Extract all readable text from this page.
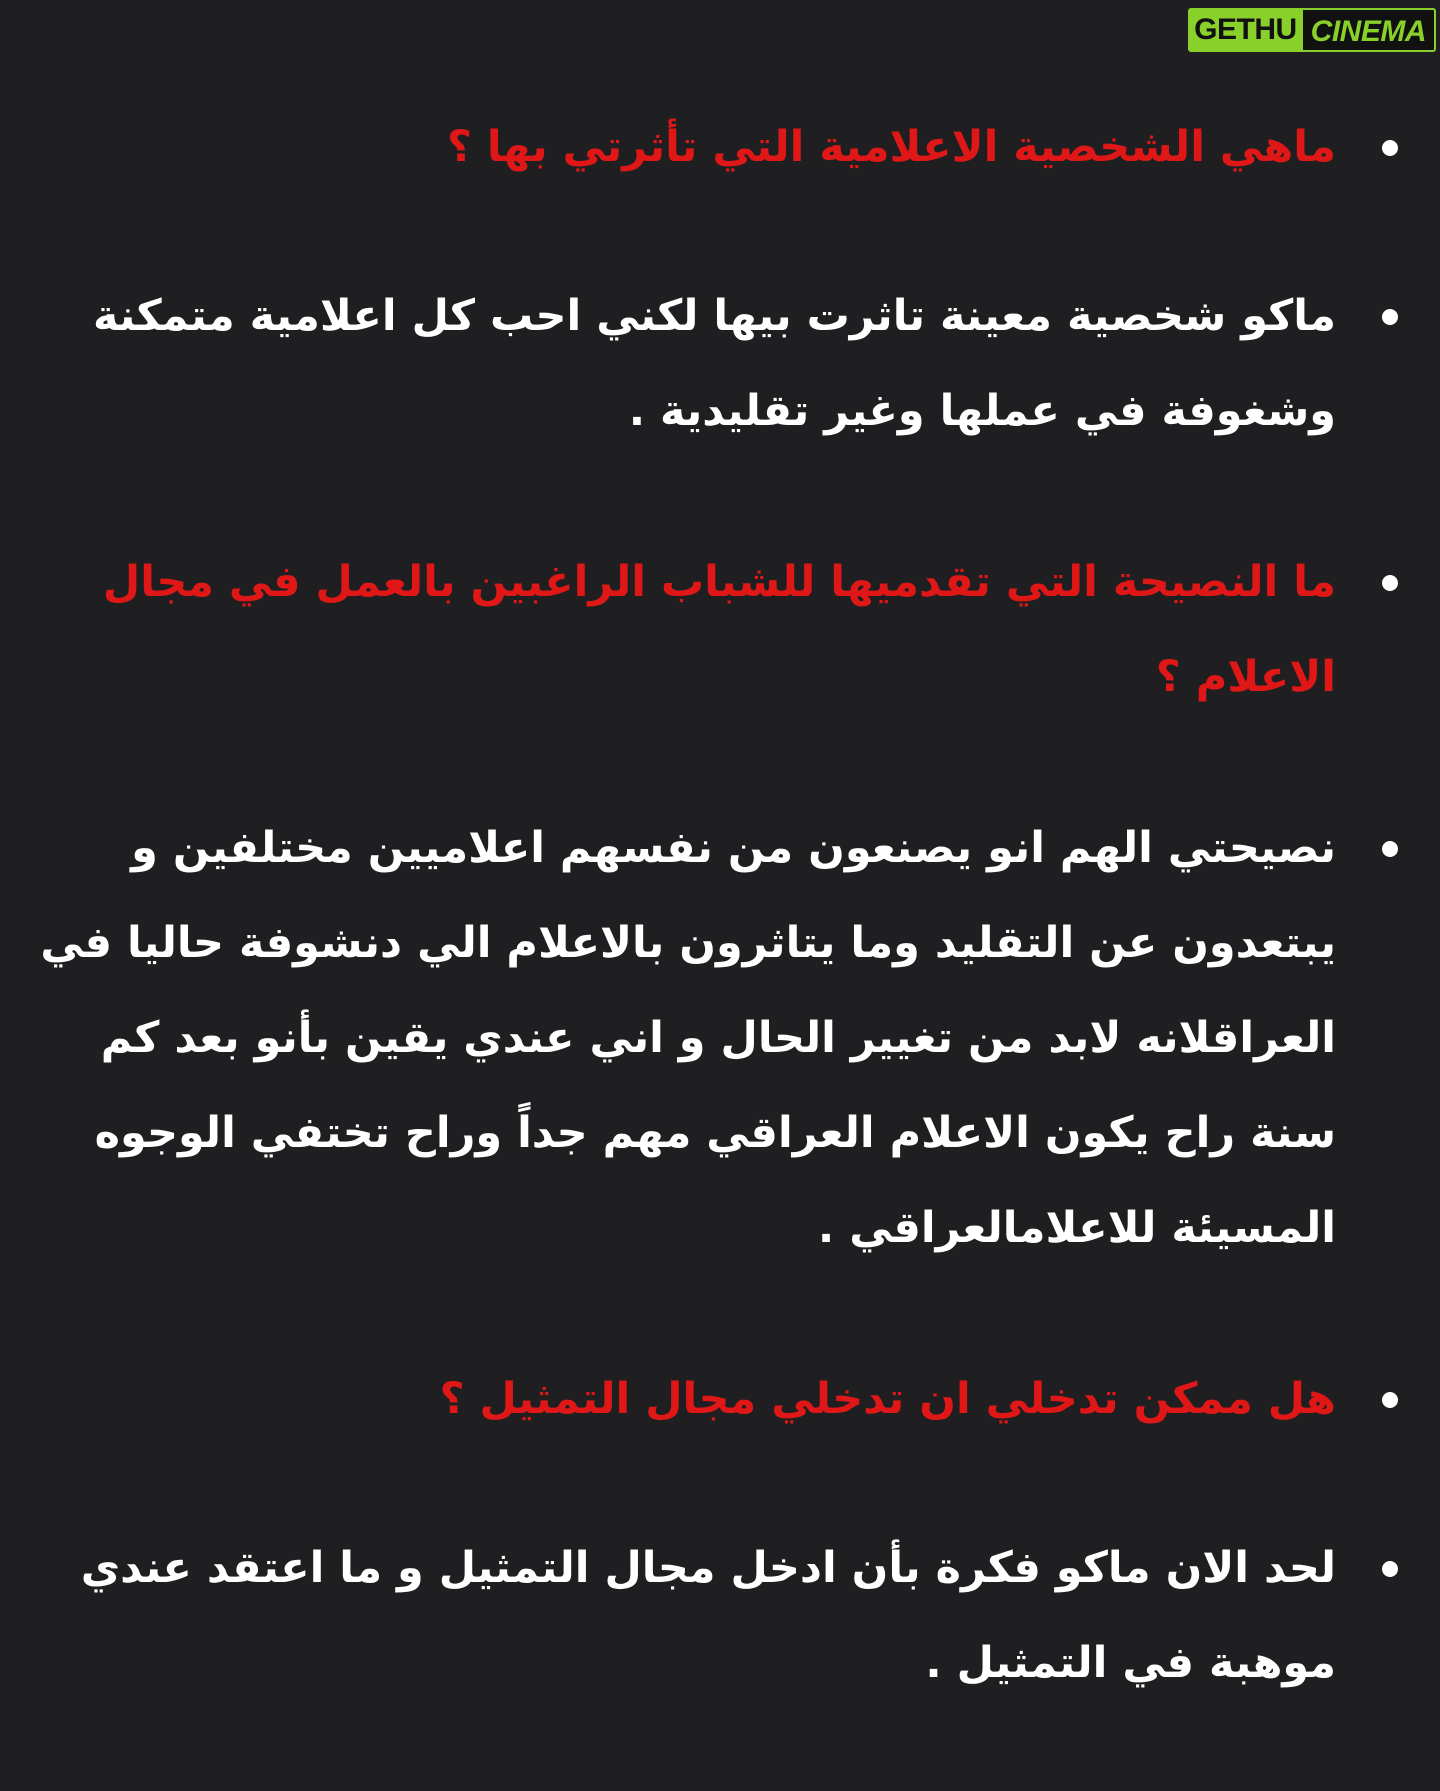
GETHU CINEMA
ماهي الشخصية الاعلامية التي تأثرتي بها ؟
ماكو شخصية معينة تاثرت بيها لكني احب كل اعلامية متمكنة وشغوفة في عملها وغير تقليدية .
ما النصيحة التي تقدميها للشباب الراغبين بالعمل في مجال الاعلام ؟
نصيحتي الهم انو يصنعون من نفسهم اعلاميين مختلفين و يبتعدون عن التقليد وما يتاثرون بالاعلام الي دنشوفة حاليا في العراقلانه لابد من تغيير الحال و اني عندي يقين بأنو بعد كم سنة راح يكون الاعلام العراقي مهم جداً وراح تختفي الوجوه المسيئة للاعلامالعراقي .
هل ممكن تدخلي ان تدخلي مجال التمثيل ؟
لحد الان ماكو فكرة بأن ادخل مجال التمثيل و ما اعتقد عندي موهبة في التمثيل .
